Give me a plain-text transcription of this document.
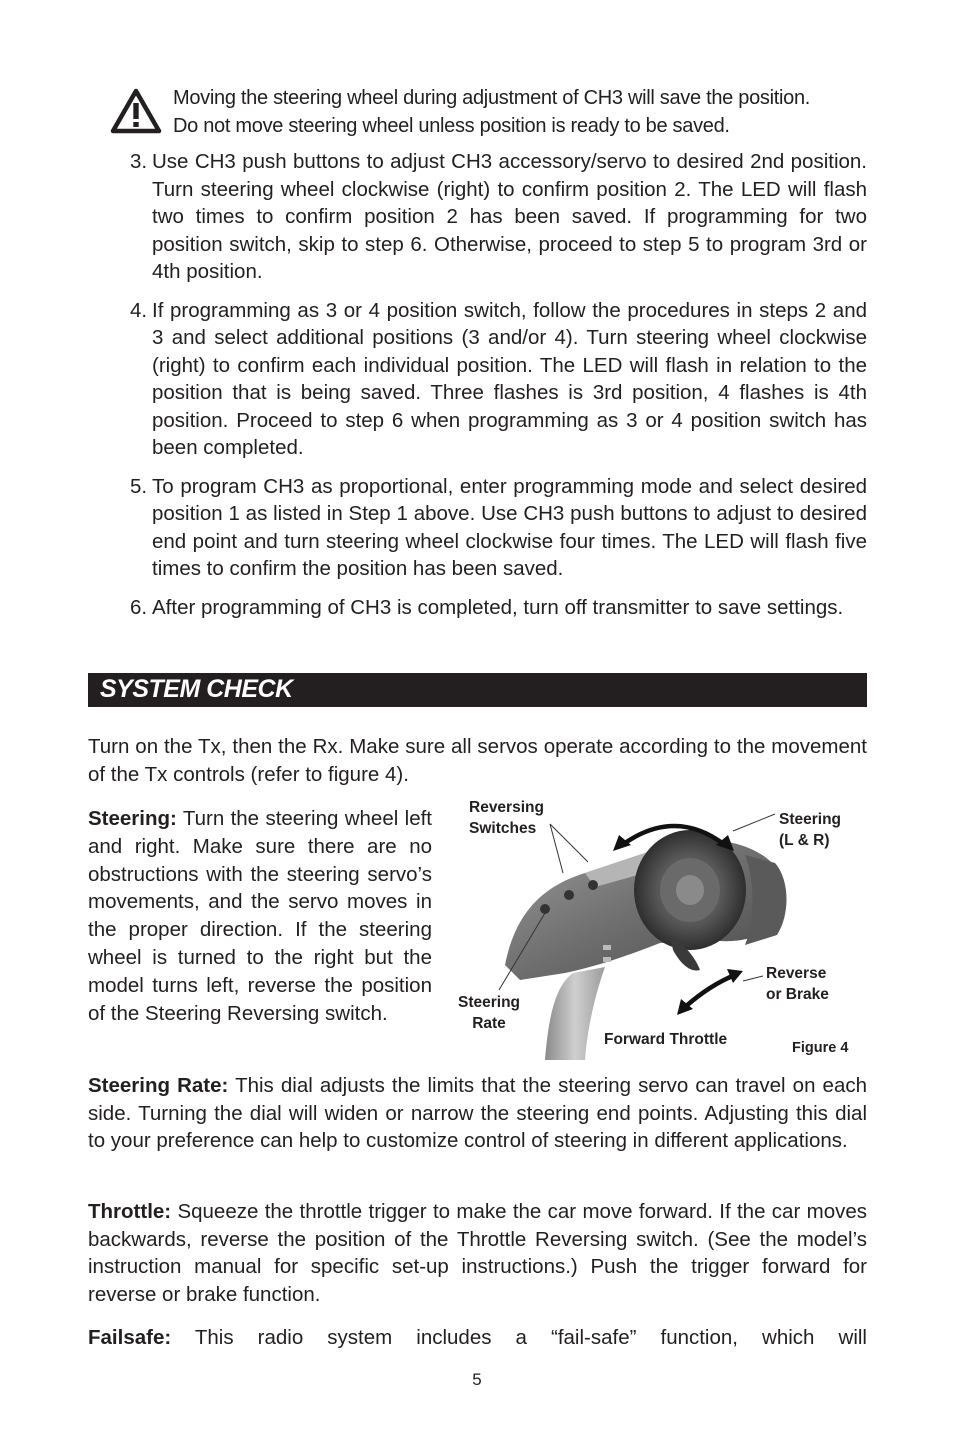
Moving the steering wheel during adjustment of CH3 will save the position.
Do not move steering wheel unless position is ready to be saved.
3. Use CH3 push buttons to adjust CH3 accessory/servo to desired 2nd position. Turn steering wheel clockwise (right) to confirm position 2. The LED will flash two times to confirm position 2 has been saved. If programming for two position switch, skip to step 6. Otherwise, proceed to step 5 to program 3rd or 4th position.
4. If programming as 3 or 4 position switch, follow the procedures in steps 2 and 3 and select additional positions (3 and/or 4). Turn steering wheel clockwise (right) to confirm each individual position. The LED will flash in relation to the position that is being saved. Three flashes is 3rd position, 4 flashes is 4th position. Proceed to step 6 when programming as 3 or 4 position switch has been completed.
5. To program CH3 as proportional, enter programming mode and select desired position 1 as listed in Step 1 above. Use CH3 push buttons to adjust to desired end point and turn steering wheel clockwise four times. The LED will flash five times to confirm the position has been saved.
6. After programming of CH3 is completed, turn off transmitter to save settings.
SYSTEM CHECK
Turn on the Tx, then the Rx. Make sure all servos operate according to the movement of the Tx controls (refer to figure 4).
Steering: Turn the steering wheel left and right. Make sure there are no obstructions with the steering servo’s movements, and the servo moves in the proper direction. If the steering wheel is turned to the right but the model turns left, reverse the position of the Steering Reversing switch.
Reversing
Switches
Steering
(L & R)
Reverse
or Brake
Steering
Rate
Forward Throttle	Figure 4
Steering Rate: This dial adjusts the limits that the steering servo can travel on each side. Turning the dial will widen or narrow the steering end points. Adjusting this dial to your preference can help to customize control of steering in different applications.
Throttle: Squeeze the throttle trigger to make the car move forward. If the car moves backwards, reverse the position of the Throttle Reversing switch. (See the model’s instruction manual for specific set-up instructions.) Push the trigger forward for reverse or brake function.
Failsafe: This radio system includes a “fail-safe” function, which will
5
